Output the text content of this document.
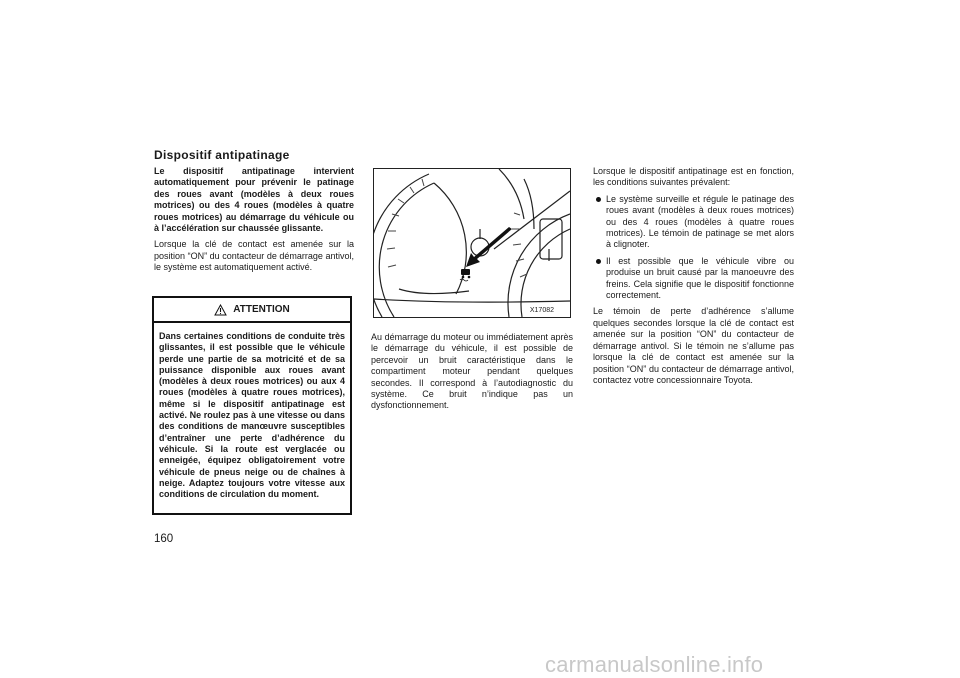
Dispositif antipatinage

Le dispositif antipatinage intervient automatiquement pour prévenir le patinage des roues avant (modèles à deux roues motrices) ou des 4 roues (modèles à quatre roues motrices) au démarrage du véhicule ou à l’accélération sur chaussée glissante.

Lorsque la clé de contact est amenée sur la position “ON” du contacteur de démarrage antivol, le système est automatiquement activé.

ATTENTION
Dans certaines conditions de conduite très glissantes, il est possible que le véhicule perde une partie de sa motricité et de sa puissance disponible aux roues avant (modèles à deux roues motrices) ou aux 4 roues (modèles à quatre roues motrices), même si le dispositif antipatinage est activé. Ne roulez pas à une vitesse ou dans des conditions de manœuvre susceptibles d’entraîner une perte d’adhérence du véhicule. Si la route est verglacée ou enneigée, équipez obligatoirement votre véhicule de pneus neige ou de chaînes à neige. Adaptez toujours votre vitesse aux conditions de circulation du moment.
X17082

Au démarrage du moteur ou immédiatement après le démarrage du véhicule, il est possible de percevoir un bruit caractéristique dans le compartiment moteur pendant quelques secondes. Il correspond à l’autodiagnostic du système. Ce bruit n’indique pas un dysfonctionnement.

Lorsque le dispositif antipatinage est en fonction, les conditions suivantes prévalent:

Le système surveille et régule le patinage des roues avant (modèles à deux roues motrices) ou des 4 roues (modèles à quatre roues motrices). Le témoin de patinage se met alors à clignoter.
Il est possible que le véhicule vibre ou produise un bruit causé par la manoeuvre des freins. Cela signifie que le dispositif fonctionne correctement.

Le témoin de perte d’adhérence s’allume quelques secondes lorsque la clé de contact est amenée sur la position “ON” du contacteur de démarrage antivol. Si le témoin ne s’allume pas lorsque la clé de contact est amenée sur la position “ON” du contacteur de démarrage antivol, contactez votre concessionnaire Toyota.

160
carmanualsonline.info
